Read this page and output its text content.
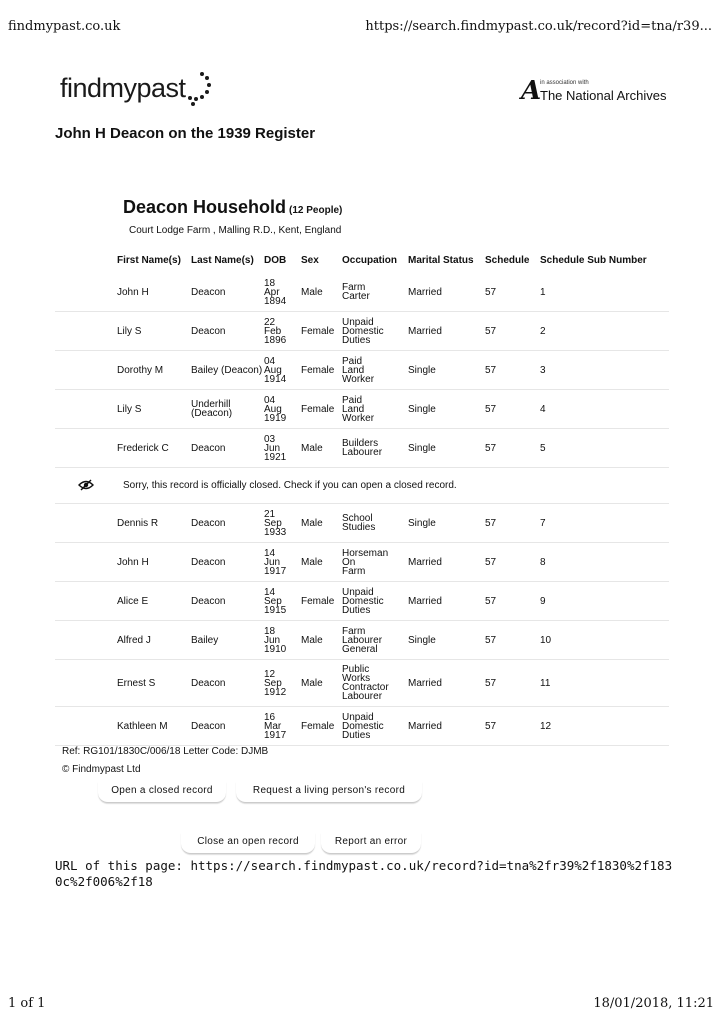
findmypast.co.uk	https://search.findmypast.co.uk/record?id=tna/r39...
findmypast	A
in association with
The National Archives
John H Deacon on the 1939 Register
Deacon Household (12 People)
Court Lodge Farm , Malling R.D., Kent, England
	First Name(s)	Last Name(s)	DOB	Sex	Occupation	Marital Status	Schedule	Schedule Sub Number
	John H	Deacon	18 Apr 1894	Male	Farm Carter	Married	57	1
	Lily S	Deacon	22 Feb 1896	Female	Unpaid Domestic Duties	Married	57	2
	Dorothy M	Bailey (Deacon)	04 Aug 1914	Female	Paid Land Worker	Single	57	3
	Lily S	Underhill (Deacon)	04 Aug 1919	Female	Paid Land Worker	Single	57	4
	Frederick C	Deacon	03 Jun 1921	Male	Builders Labourer	Single	57	5
	Sorry, this record is officially closed. Check if you can open a closed record.							
	Dennis R	Deacon	21 Sep 1933	Male	School Studies	Single	57	7
	John H	Deacon	14 Jun 1917	Male	Horseman On Farm	Married	57	8
	Alice E	Deacon	14 Sep 1915	Female	Unpaid Domestic Duties	Married	57	9
	Alfred J	Bailey	18 Jun 1910	Male	Farm Labourer General	Single	57	10
	Ernest S	Deacon	12 Sep 1912	Male	Public Works Contractor Labourer	Married	57	11
	Kathleen M	Deacon	16 Mar 1917	Female	Unpaid Domestic Duties	Married	57	12
Ref: RG101/1830C/006/18 Letter Code: DJMB
© Findmypast Ltd
Open a closed record	Request a living person's record
Close an open record	Report an error
URL of this page: https://search.findmypast.co.uk/record?id=tna%2fr39%2f1830%2f1830c%2f006%2f18
1 of 1	18/01/2018, 11:21
